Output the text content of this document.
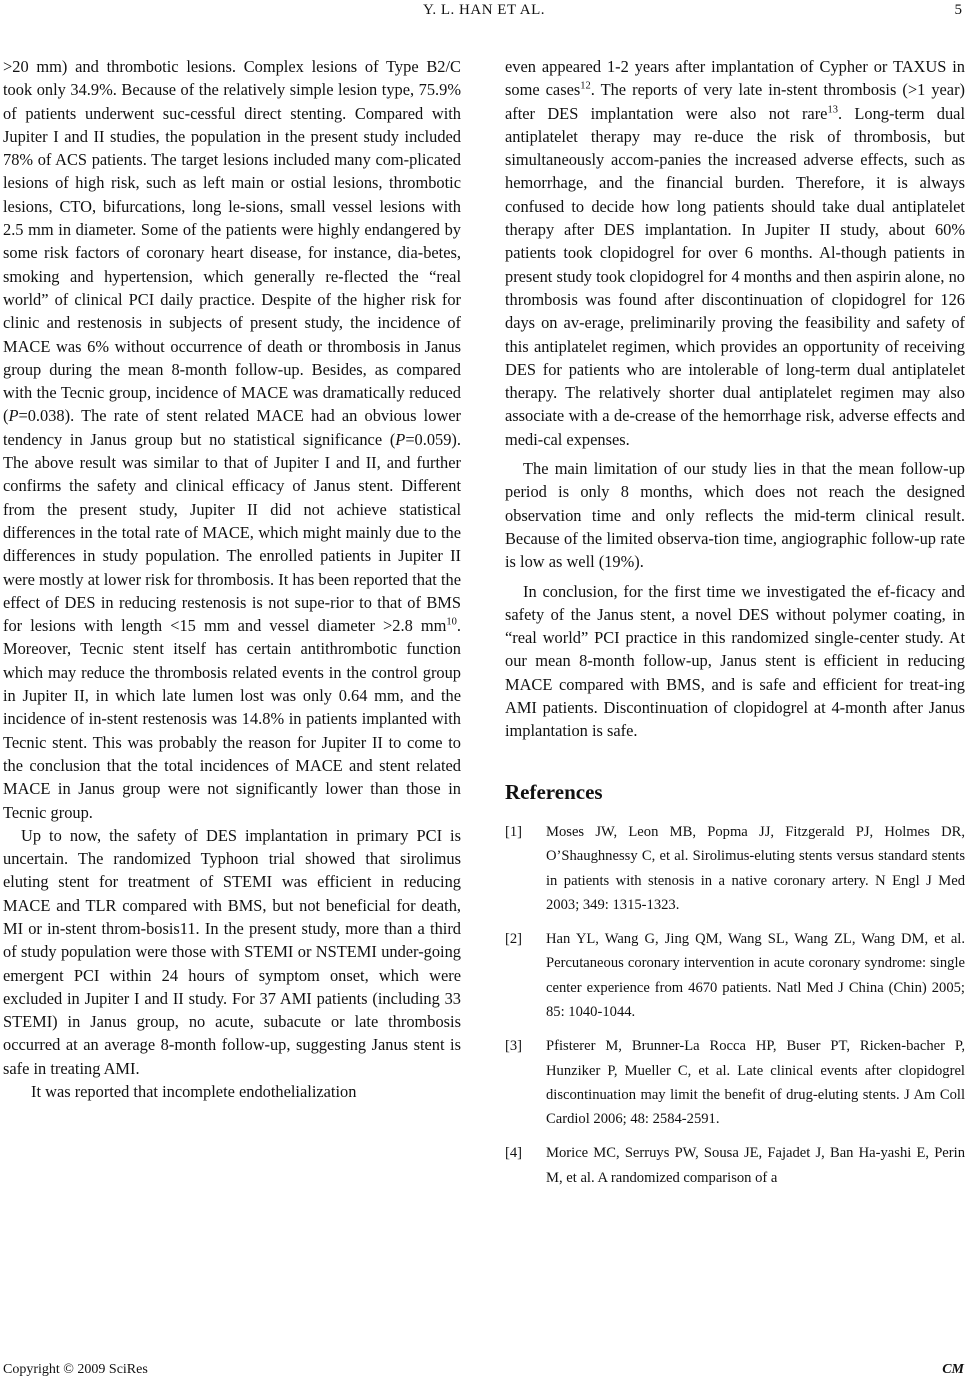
Y. L. HAN ET AL.	5

>20 mm) and thrombotic lesions. Complex lesions of Type B2/C took only 34.9%. Because of the relatively simple lesion type, 75.9% of patients underwent suc-cessful direct stenting. Compared with Jupiter I and II studies, the population in the present study included 78% of ACS patients. The target lesions included many com-plicated lesions of high risk, such as left main or ostial lesions, thrombotic lesions, CTO, bifurcations, long le-sions, small vessel lesions with 2.5 mm in diameter. Some of the patients were highly endangered by some risk factors of coronary heart disease, for instance, dia-betes, smoking and hypertension, which generally re-flected the “real world” of clinical PCI daily practice. Despite of the higher risk for clinic and restenosis in subjects of present study, the incidence of MACE was 6% without occurrence of death or thrombosis in Janus group during the mean 8-month follow-up. Besides, as compared with the Tecnic group, incidence of MACE was dramatically reduced (P=0.038). The rate of stent related MACE had an obvious lower tendency in Janus group but no statistical significance (P=0.059). The above result was similar to that of Jupiter I and II, and further confirms the safety and clinical efficacy of Janus stent. Different from the present study, Jupiter II did not achieve statistical differences in the total rate of MACE, which might mainly due to the differences in study population. The enrolled patients in Jupiter II were mostly at lower risk for thrombosis. It has been reported that the effect of DES in reducing restenosis is not supe-rior to that of BMS for lesions with length <15 mm and vessel diameter >2.8 $mm^{10}$. Moreover, Tecnic stent itself has certain antithrombotic function which may reduce the thrombosis related events in the control group in Jupiter II, in which late lumen lost was only 0.64 mm, and the incidence of in-stent restenosis was 14.8% in patients implanted with Tecnic stent. This was probably the reason for Jupiter II to come to the conclusion that the total incidences of MACE and stent related MACE in Janus group were not significantly lower than those in Tecnic group.

Up to now, the safety of DES implantation in primary PCI is uncertain. The randomized Typhoon trial showed that sirolimus eluting stent for treatment of STEMI was efficient in reducing MACE and TLR compared with BMS, but not beneficial for death, MI or in-stent throm-bosis11. In the present study, more than a third of study population were those with STEMI or NSTEMI under-going emergent PCI within 24 hours of symptom onset, which were excluded in Jupiter I and II study. For 37 AMI patients (including 33 STEMI) in Janus group, no acute, subacute or late thrombosis occurred at an average 8-month follow-up, suggesting Janus stent is safe in treating AMI.

It was reported that incomplete endothelialization

even appeared 1-2 years after implantation of Cypher or TAXUS in some cases$^{12}$. The reports of very late in-stent thrombosis (>1 year) after DES implantation were also not rare$^{13}$. Long-term dual antiplatelet therapy may re-duce the risk of thrombosis, but simultaneously accom-panies the increased adverse effects, such as hemorrhage, and the financial burden. Therefore, it is always confused to decide how long patients should take dual antiplatelet therapy after DES implantation. In Jupiter II study, about 60% patients took clopidogrel for over 6 months. Al-though patients in present study took clopidogrel for 4 months and then aspirin alone, no thrombosis was found after discontinuation of clopidogrel for 126 days on av-erage, preliminarily proving the feasibility and safety of this antiplatelet regimen, which provides an opportunity of receiving DES for patients who are intolerable of long-term dual antiplatelet therapy. The relatively shorter dual antiplatelet regimen may also associate with a de-crease of the hemorrhage risk, adverse effects and medi-cal expenses.

The main limitation of our study lies in that the mean follow-up period is only 8 months, which does not reach the designed observation time and only reflects the mid-term clinical result. Because of the limited observa-tion time, angiographic follow-up rate is low as well (19%).

In conclusion, for the first time we investigated the ef-ficacy and safety of the Janus stent, a novel DES without polymer coating, in “real world” PCI practice in this randomized single-center study. At our mean 8-month follow-up, Janus stent is efficient in reducing MACE compared with BMS, and is safe and efficient for treat-ing AMI patients. Discontinuation of clopidogrel at 4-month after Janus implantation is safe.

References
[1] Moses JW, Leon MB, Popma JJ, Fitzgerald PJ, Holmes DR, O’Shaughnessy C, et al. Sirolimus-eluting stents versus standard stents in patients with stenosis in a native coronary artery. N Engl J Med 2003; 349: 1315-1323.
[2] Han YL, Wang G, Jing QM, Wang SL, Wang ZL, Wang DM, et al. Percutaneous coronary intervention in acute coronary syndrome: single center experience from 4670 patients. Natl Med J China (Chin) 2005; 85: 1040-1044.
[3] Pfisterer M, Brunner-La Rocca HP, Buser PT, Ricken-bacher P, Hunziker P, Mueller C, et al. Late clinical events after clopidogrel discontinuation may limit the benefit of drug-eluting stents. J Am Coll Cardiol 2006; 48: 2584-2591.
[4] Morice MC, Serruys PW, Sousa JE, Fajadet J, Ban Ha-yashi E, Perin M, et al. A randomized comparison of a
Copyright © 2009 SciRes	CM
